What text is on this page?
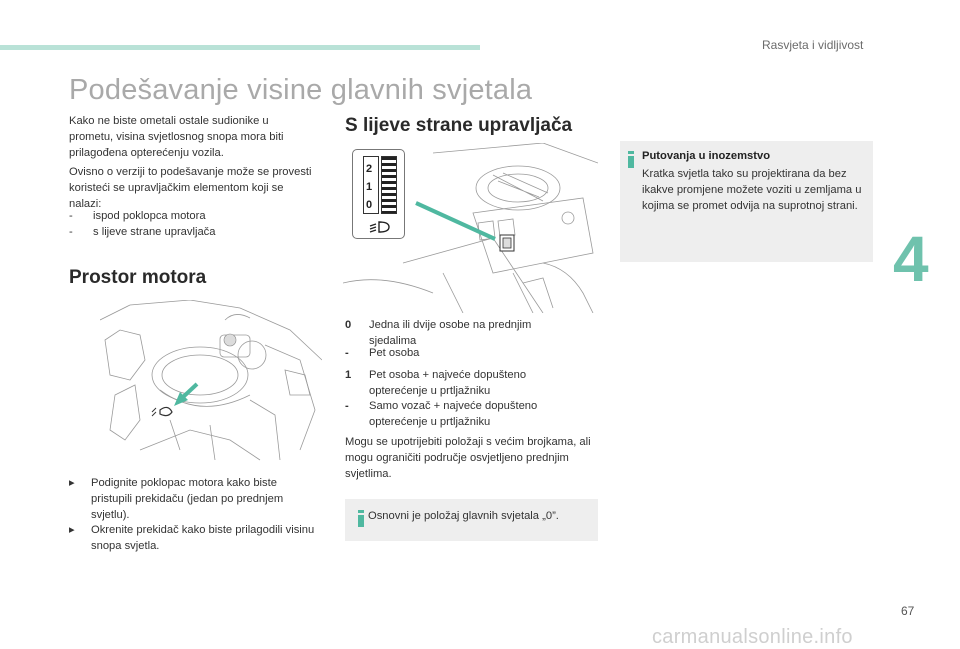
Rasvjeta i vidljivost
Podešavanje visine glavnih svjetala
Kako ne biste ometali ostale sudionike u prometu, visina svjetlosnog snopa mora biti prilagođena opterećenju vozila.
Ovisno o verziji to podešavanje može se provesti koristeći se upravljačkim elementom koji se nalazi:
- ispod poklopca motora
- s lijeve strane upravljača
Prostor motora
▸ Podignite poklopac motora kako biste pristupili prekidaču (jedan po prednjem svjetlu).
▸ Okrenite prekidač kako biste prilagodili visinu snopa svjetla.
S lijeve strane upravljača
2
1
0
0 Jedna ili dvije osobe na prednjim sjedalima
- Pet osoba
1 Pet osoba + najveće dopušteno opterećenje u prtljažniku
- Samo vozač + najveće dopušteno opterećenje u prtljažniku
Mogu se upotrijebiti položaji s većim brojkama, ali mogu ograničiti područje osvjetljeno prednjim svjetlima.
Osnovni je položaj glavnih svjetala „0”.
Putovanja u inozemstvo
Kratka svjetla tako su projektirana da bez ikakve promjene možete voziti u zemljama u kojima se promet odvija na suprotnoj strani.
4
67
carmanualsonline.info
